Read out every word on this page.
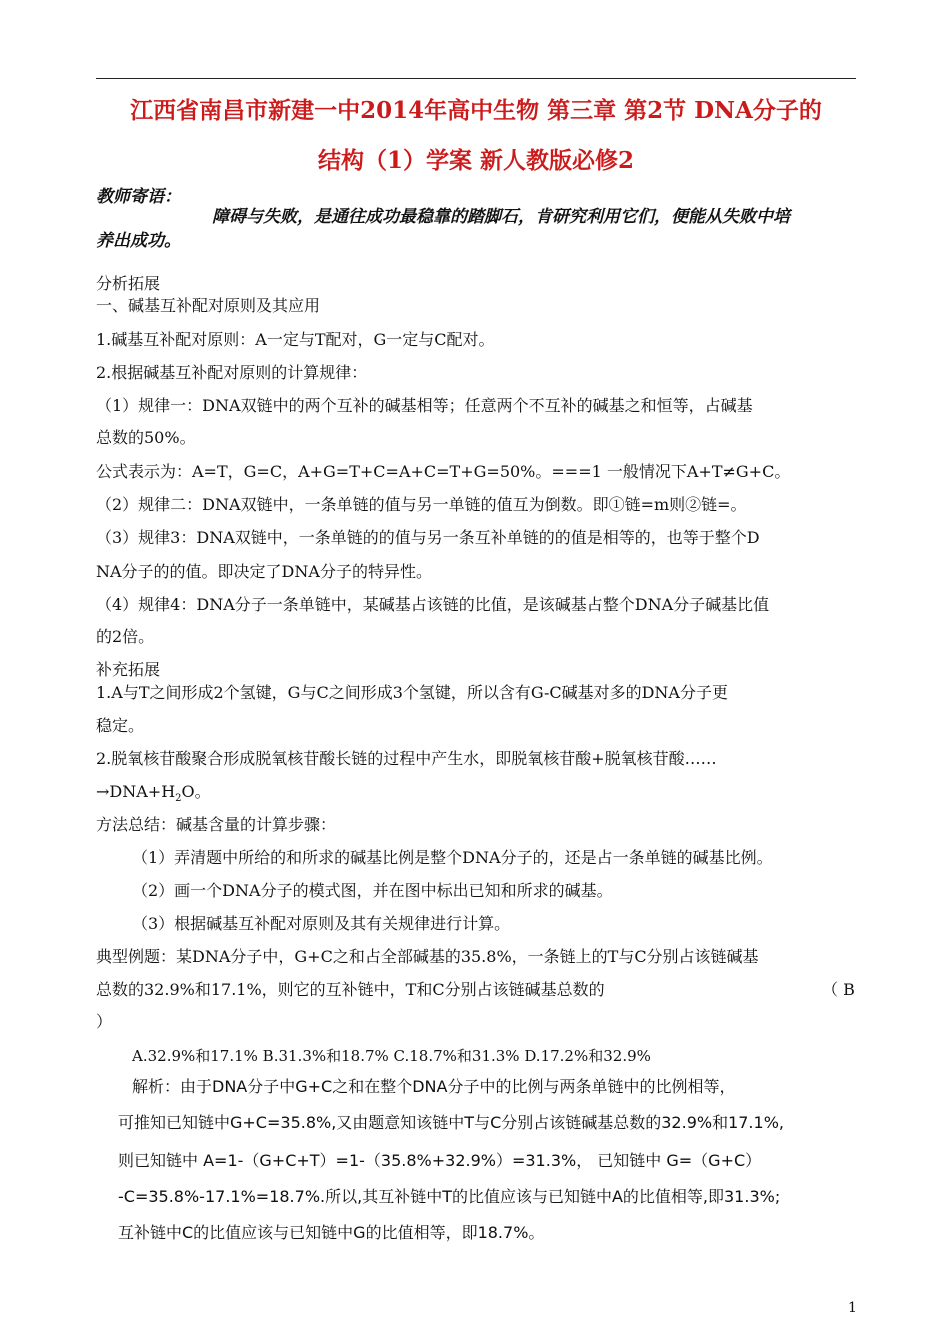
江西省南昌市新建一中2014年高中生物 第三章 第2节 DNA分子的
结构（1）学案 新人教版必修2
教师寄语：
障碍与失败，是通往成功最稳靠的踏脚石，肯研究利用它们，便能从失败中培
养出成功。
分析拓展
一、碱基互补配对原则及其应用
1.碱基互补配对原则：A一定与T配对，G一定与C配对。
2.根据碱基互补配对原则的计算规律：
（1）规律一：DNA双链中的两个互补的碱基相等；任意两个不互补的碱基之和恒等，占碱基
总数的50%。
公式表示为：A=T，G=C，A+G=T+C=A+C=T+G=50%。===1 一般情况下A+T≠G+C。
（2）规律二：DNA双链中，一条单链的值与另一单链的值互为倒数。即①链=m则②链=。
（3）规律3：DNA双链中，一条单链的的值与另一条互补单链的的值是相等的，也等于整个D
NA分子的的值。即决定了DNA分子的特异性。
（4）规律4：DNA分子一条单链中，某碱基占该链的比值，是该碱基占整个DNA分子碱基比值
的2倍。
补充拓展
1.A与T之间形成2个氢键，G与C之间形成3个氢键，所以含有G-C碱基对多的DNA分子更
稳定。
2.脱氧核苷酸聚合形成脱氧核苷酸长链的过程中产生水，即脱氧核苷酸+脱氧核苷酸……
$\to DNA+H_2O$。
方法总结：碱基含量的计算步骤：
（1）弄清题中所给的和所求的碱基比例是整个DNA分子的，还是占一条单链的碱基比例。
（2）画一个DNA分子的模式图，并在图中标出已知和所求的碱基。
（3）根据碱基互补配对原则及其有关规律进行计算。
典型例题：某DNA分子中，G+C之和占全部碱基的35.8%，一条链上的T与C分别占该链碱基
总数的32.9%和17.1%，则它的互补链中，T和C分别占该链碱基总数的	（ B
）
A.32.9%和17.1% B.31.3%和18.7% C.18.7%和31.3% D.17.2%和32.9%
解析：由于DNA分子中G+C之和在整个DNA分子中的比例与两条单链中的比例相等，
可推知已知链中G+C=35.8%,又由题意知该链中T与C分别占该链碱基总数的32.9%和17.1%,
则已知链中 A=1-（G+C+T）=1-（35.8%+32.9%）=31.3%， 已知链中 G=（G+C）
-C=35.8%-17.1%=18.7%.所以,其互补链中T的比值应该与已知链中A的比值相等,即31.3%;
互补链中C的比值应该与已知链中G的比值相等，即18.7%。
1
